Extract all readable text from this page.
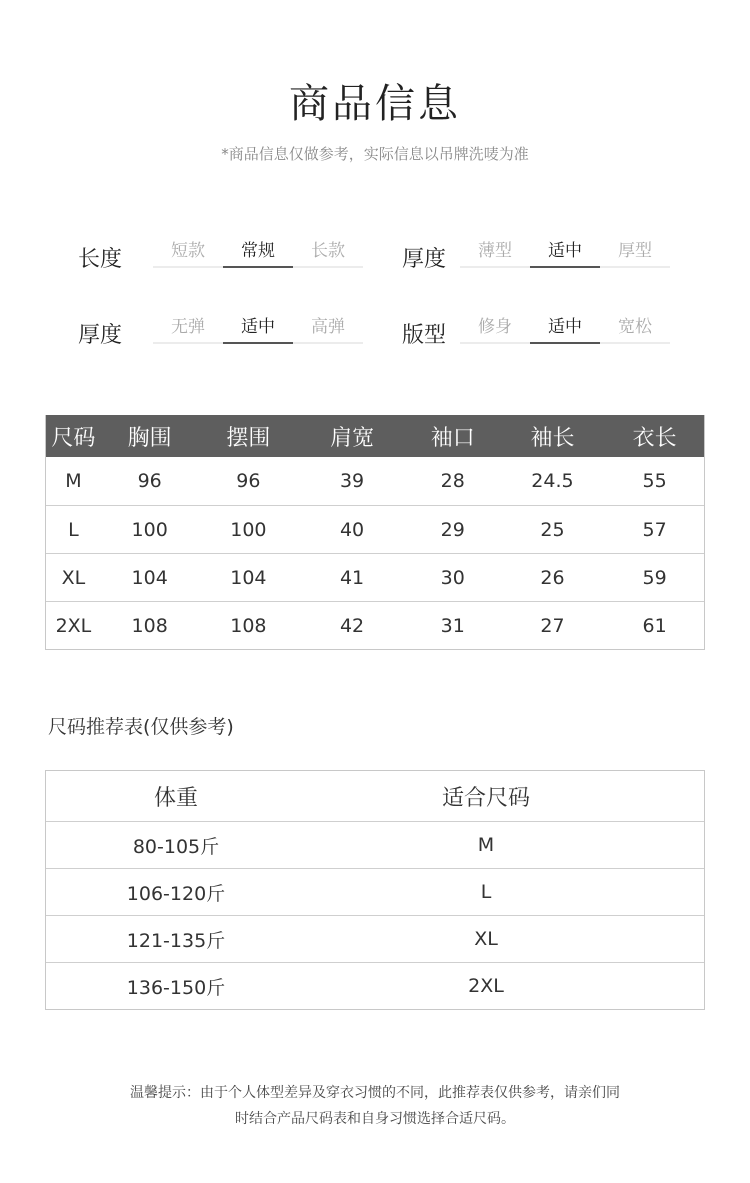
商品信息
*商品信息仅做参考，实际信息以吊牌洗唛为准
长度	短款	常规	长款	厚度	薄型	适中	厚型
厚度	无弹	适中	高弹	版型	修身	适中	宽松
尺码	胸围	摆围	肩宽	袖口	袖长	衣长
M	96	96	39	28	24.5	55
L	100	100	40	29	25	57
XL	104	104	41	30	26	59
2XL	108	108	42	31	27	61
尺码推荐表(仅供参考)
体重	适合尺码
80-105斤	M
106-120斤	L
121-135斤	XL
136-150斤	2XL
温馨提示：由于个人体型差异及穿衣习惯的不同，此推荐表仅供参考，请亲们同
时结合产品尺码表和自身习惯选择合适尺码。
